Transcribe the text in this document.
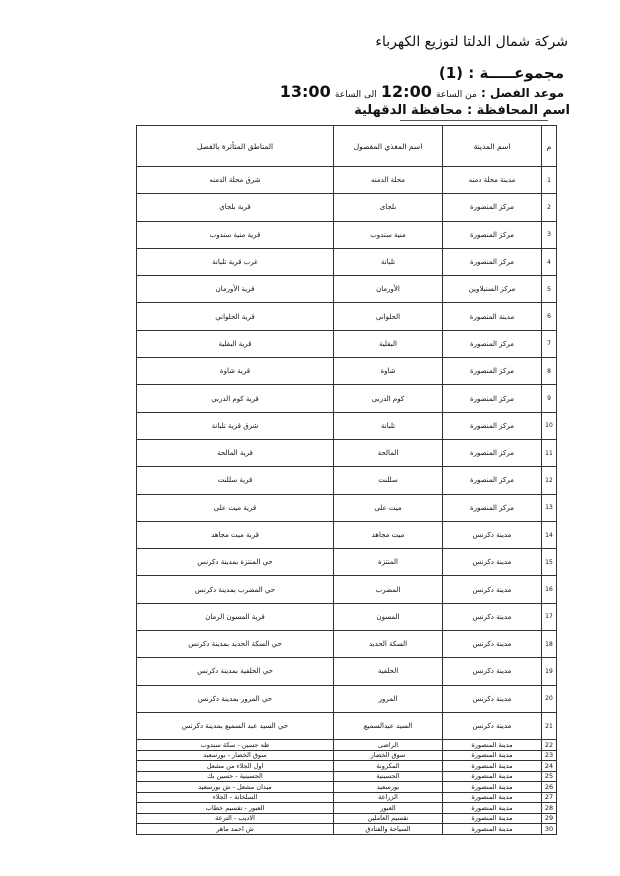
شركة شمال الدلتا لتوزيع الكهرباء
مجموعـــــة : (1)
موعد الفصل : من الساعة 12:00 الى الساعة 13:00
اسم المحافظة : محافظة الدقهلية
م	اسم المدينة	اسم المغذي المفصول	المناطق المتأثرة بالفصل
1	مدينة محلة دمنه	محلة الدمنه	شرق محلة الدمنه
2	مركز المنصورة	بلجاى	قرية بلجاي
3	مركز المنصورة	منية سندوب	قرية منية سندوب
4	مركز المنصورة	تلبانة	غرب قرية تلبانة
5	مركز السنبلاوين	الأورمان	قرية الأورمان
6	مدينة المنصورة	الحلوانى	قرية الحلواني
7	مركز المنصورة	البقلية	قرية البقلية
8	مركز المنصورة	شاوة	قرية شاوة
9	مركز المنصورة	كوم الدربى	قرية كوم الدربي
10	مركز المنصورة	تلبانة	شرق قرية تلبانة
11	مركز المنصورة	المالحة	قرية المالحة
12	مركز المنصورة	سللنت	قرية سللنت
13	مركز المنصورة	ميت على	قرية ميت على
14	مدينة دكرنس	ميت مجاهد	قرية ميت مجاهد
15	مدينة دكرنس	المنتزة	حي المنتزة بمدينة دكرنس
16	مدينة دكرنس	المضرب	حي المضرب بمدينة دكرنس
17	مدينة دكرنس	المسون	قرية المسون الرمان
18	مدينة دكرنس	السكة الحديد	حي السكة الحديد بمدينة دكرنس
19	مدينة دكرنس	الحلفية	حي الحلفية بمدينة دكرنس
20	مدينة دكرنس	المرور	حي المرور بمدينة دكرنس
21	مدينة دكرنس	السيد عبدالسميع	حي السيد عبد السميع بمدينة دكرنس
22	مدينة المنصورة	الراضى	طه حسين - سكة سندوب
23	مدينة المنصورة	سوق الخضار	سوق الخضار - بورسعيد
24	مدينة المنصورة	المكرونة	اول الجلاء من مشعل
25	مدينة المنصورة	الحسينية	الحسينية - حسين بك
26	مدينة المنصورة	بورسعيد	ميدان مشعل - ش بورسعيد
27	مدينة المنصورة	الزراعة	السلخانة - الجلاء
28	مدينة المنصورة	العبور	العبور - تقسيم خطاب
29	مدينة المنصورة	تقسيم العاملين	الاديب - الترعة
30	مدينة المنصورة	السياحة والفنادق	ش احمد ماهر
